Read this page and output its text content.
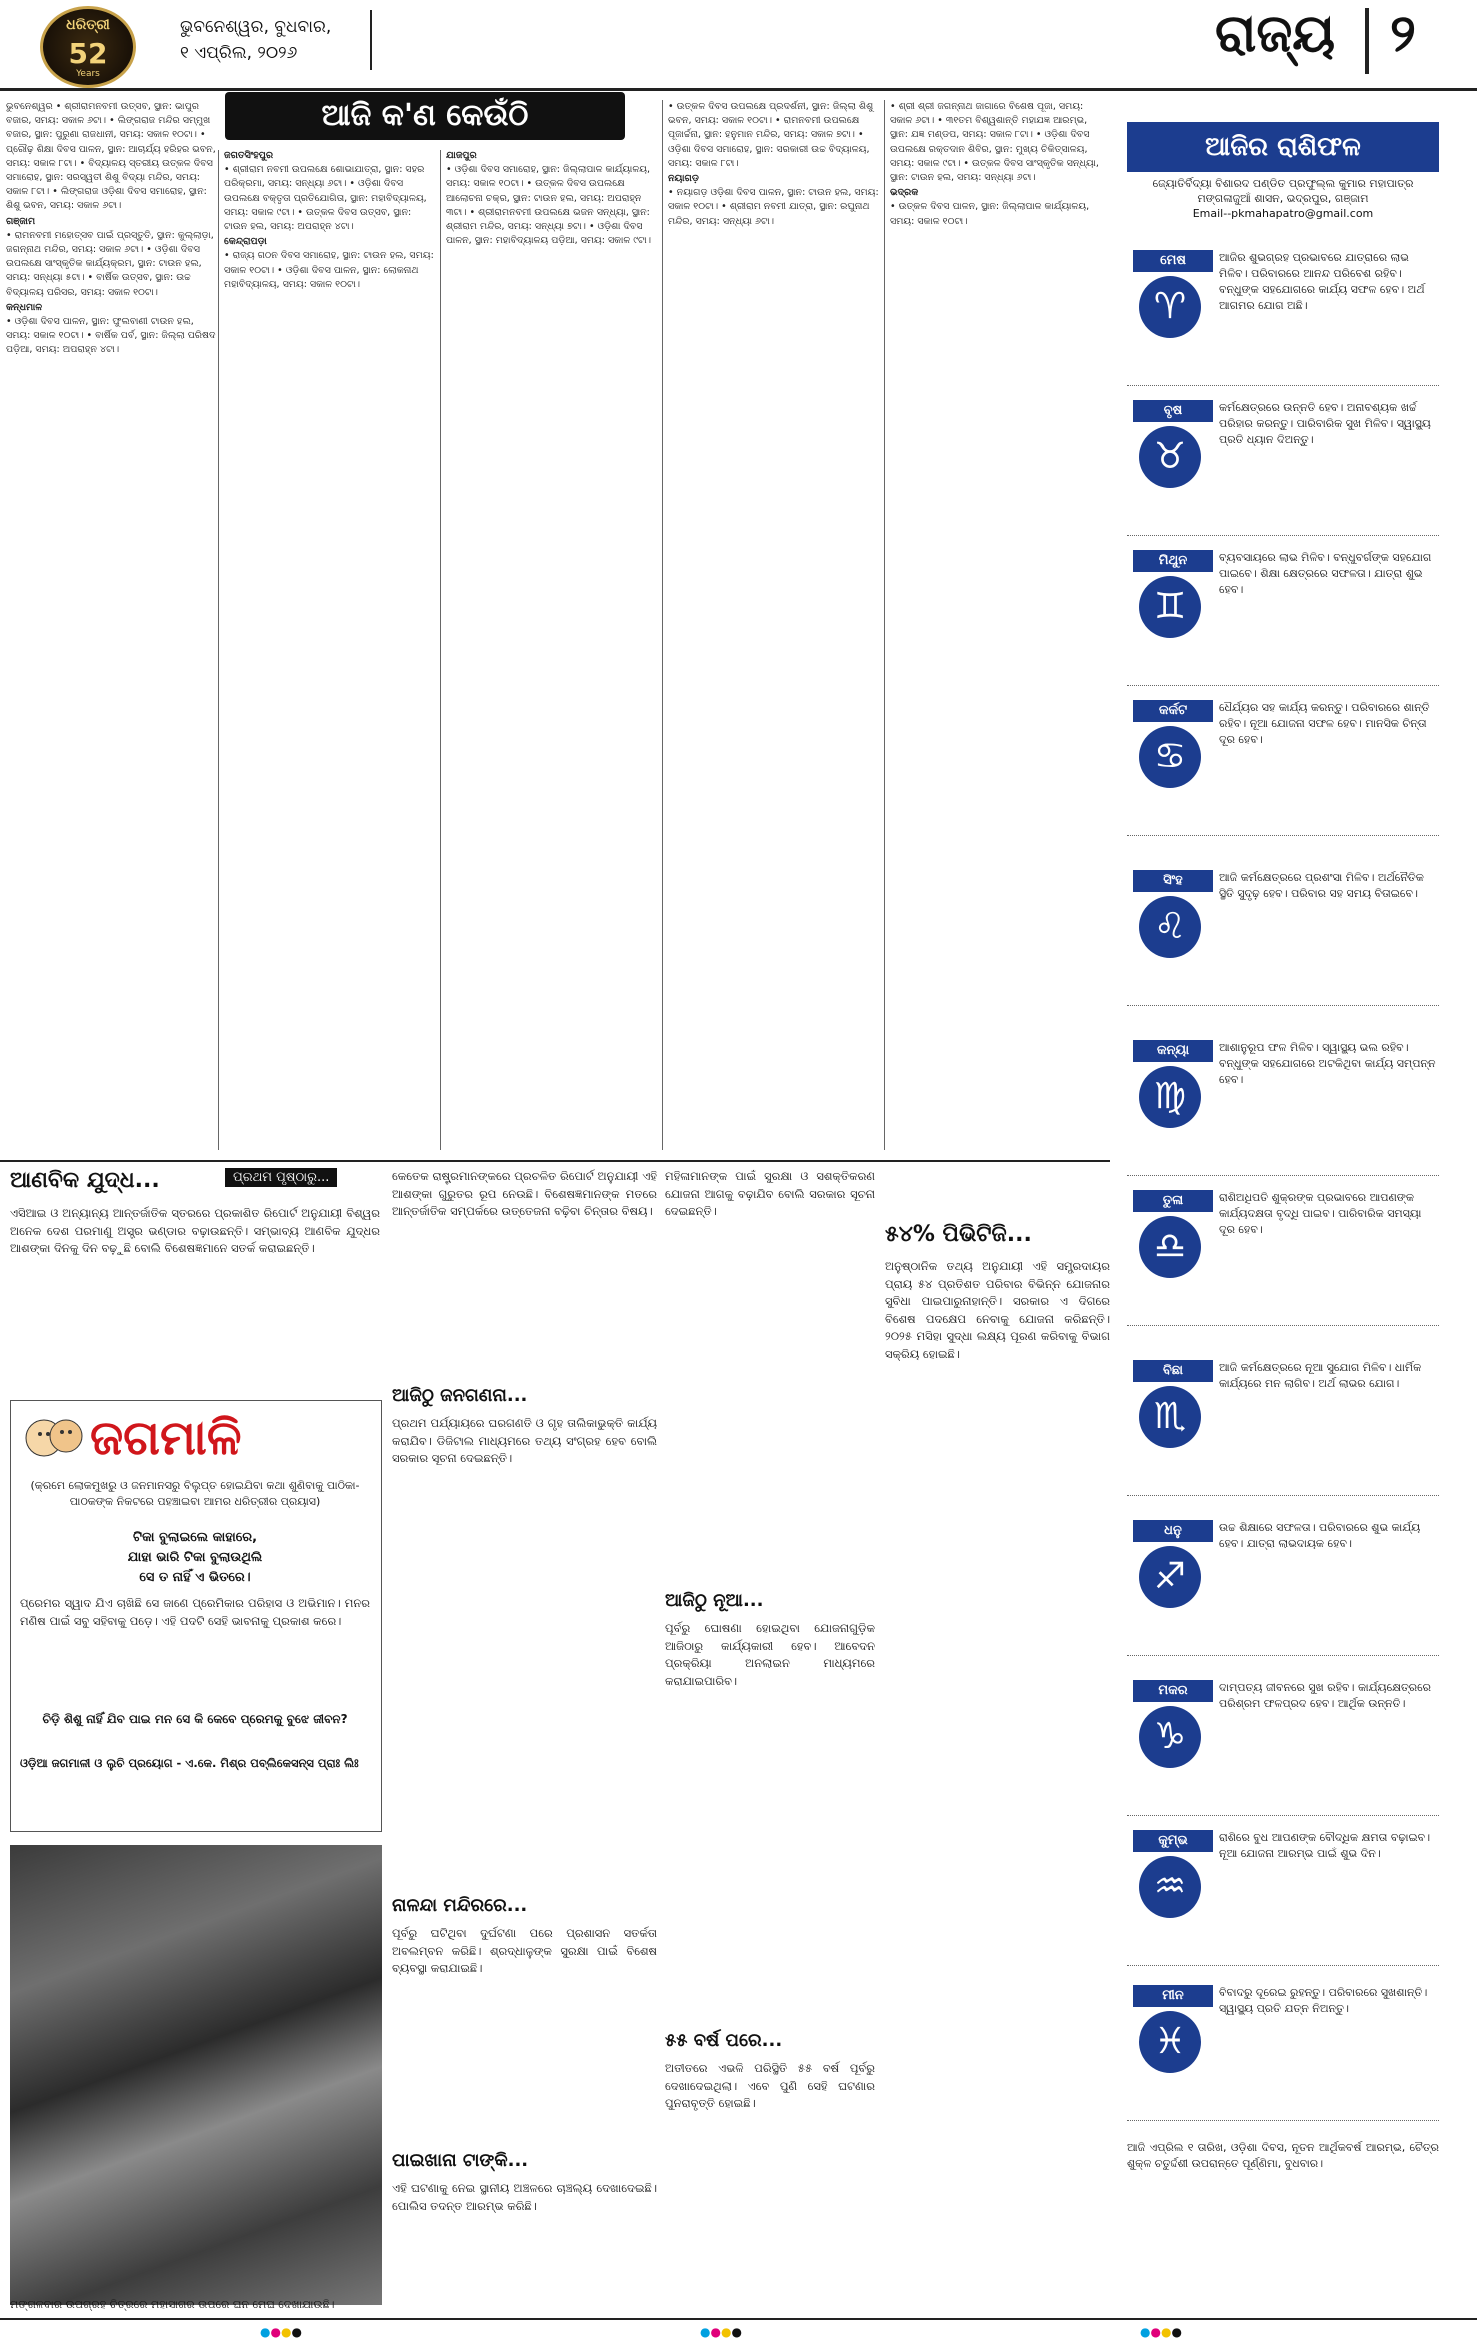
ଧରିତ୍ରୀ
52
Years
ଭୁବନେଶ୍ୱର, ବୁଧବାର,
୧ ଏପ୍ରିଲ, ୨୦୨୬	ରାଜ୍ୟ ୨
ଆଜି କ'ଣ କେଉଁଠି

ଭୁବନେଶ୍ୱର • ଶ୍ରୀରାମନବମୀ ଉତ୍ସବ, ସ୍ଥାନ: ଭାପୁର ବଜାର, ସମୟ: ସକାଳ ୬ଟା। • ଲିଙ୍ଗରାଜ ମନ୍ଦିର ସମ୍ମୁଖ ବଜାର, ସ୍ଥାନ: ପୁରୁଣା ରାଜଧାନୀ, ସମୟ: ସକାଳ ୧୦ଟା। • ପ୍ରୌଢ଼ ଶିକ୍ଷା ଦିବସ ପାଳନ, ସ୍ଥାନ: ଆଚାର୍ଯ୍ୟ ହରିହର ଭବନ, ସମୟ: ସକାଳ ୮ଟା। • ବିଦ୍ୟାଳୟ ସ୍ତରୀୟ ଉତ୍କଳ ଦିବସ ସମାରୋହ, ସ୍ଥାନ: ସରସ୍ୱତୀ ଶିଶୁ ବିଦ୍ୟା ମନ୍ଦିର, ସମୟ: ସକାଳ ୮ଟା। • ଲିଙ୍ଗରାଜ ଓଡ଼ିଶା ଦିବସ ସମାରୋହ, ସ୍ଥାନ: ଶିଶୁ ଭବନ, ସମୟ: ସକାଳ ୬ଟା।

ଗଞ୍ଜାମ

• ରାମନବମୀ ମହୋତ୍ସବ ପାଇଁ ପ୍ରସ୍ତୁତି, ସ୍ଥାନ: କୁଲ୍ଲାଡ଼ା, ଜଗନ୍ନାଥ ମନ୍ଦିର, ସମୟ: ସକାଳ ୬ଟା। • ଓଡ଼ିଶା ଦିବସ ଉପଲକ୍ଷେ ସାଂସ୍କୃତିକ କାର୍ଯ୍ୟକ୍ରମ, ସ୍ଥାନ: ଟାଉନ ହଲ, ସମୟ: ସନ୍ଧ୍ୟା ୫ଟା। • ବାର୍ଷିକ ଉତ୍ସବ, ସ୍ଥାନ: ଉଚ୍ଚ ବିଦ୍ୟାଳୟ ପରିସର, ସମୟ: ସକାଳ ୧୦ଟା।

କନ୍ଧମାଳ

• ଓଡ଼ିଶା ଦିବସ ପାଳନ, ସ୍ଥାନ: ଫୁଲବାଣୀ ଟାଉନ ହଲ, ସମୟ: ସକାଳ ୧୦ଟା। • ବାର୍ଷିକ ପର୍ବ, ସ୍ଥାନ: ଜିଲ୍ଲା ପରିଷଦ ପଡ଼ିଆ, ସମୟ: ଅପରାହ୍ନ ୪ଟା।

ଜଗତସିଂହପୁର

• ଶ୍ରୀରାମ ନବମୀ ଉପଲକ୍ଷେ ଶୋଭାଯାତ୍ରା, ସ୍ଥାନ: ସହର ପରିକ୍ରମା, ସମୟ: ସନ୍ଧ୍ୟା ୬ଟା। • ଓଡ଼ିଶା ଦିବସ ଉପଲକ୍ଷେ ବକ୍ତୃତା ପ୍ରତିଯୋଗିତା, ସ୍ଥାନ: ମହାବିଦ୍ୟାଳୟ, ସମୟ: ସକାଳ ୯ଟା। • ଉତ୍କଳ ଦିବସ ଉତ୍ସବ, ସ୍ଥାନ: ଟାଉନ ହଲ, ସମୟ: ଅପରାହ୍ନ ୪ଟା।

କେନ୍ଦ୍ରାପଡ଼ା

• ରାଜ୍ୟ ଗଠନ ଦିବସ ସମାରୋହ, ସ୍ଥାନ: ଟାଉନ ହଲ, ସମୟ: ସକାଳ ୧୦ଟା। • ଓଡ଼ିଶା ଦିବସ ପାଳନ, ସ୍ଥାନ: ଲୋକନାଥ ମହାବିଦ୍ୟାଳୟ, ସମୟ: ସକାଳ ୧୦ଟା।

ଯାଜପୁର

• ଓଡ଼ିଶା ଦିବସ ସମାରୋହ, ସ୍ଥାନ: ଜିଲ୍ଲାପାଳ କାର୍ଯ୍ୟାଳୟ, ସମୟ: ସକାଳ ୧୦ଟା। • ଉତ୍କଳ ଦିବସ ଉପଲକ୍ଷେ ଆଲୋଚନା ଚକ୍ର, ସ୍ଥାନ: ଟାଉନ ହଲ, ସମୟ: ଅପରାହ୍ନ ୩ଟା। • ଶ୍ରୀରାମନବମୀ ଉପଲକ୍ଷେ ଭଜନ ସନ୍ଧ୍ୟା, ସ୍ଥାନ: ଶ୍ରୀରାମ ମନ୍ଦିର, ସମୟ: ସନ୍ଧ୍ୟା ୭ଟା। • ଓଡ଼ିଶା ଦିବସ ପାଳନ, ସ୍ଥାନ: ମହାବିଦ୍ୟାଳୟ ପଡ଼ିଆ, ସମୟ: ସକାଳ ୯ଟା।

• ଉତ୍କଳ ଦିବସ ଉପଲକ୍ଷେ ପ୍ରଦର୍ଶନୀ, ସ୍ଥାନ: ଜିଲ୍ଲା ଶିଶୁ ଭବନ, ସମୟ: ସକାଳ ୧୦ଟା। • ରାମନବମୀ ଉପଲକ୍ଷେ ପୂଜାର୍ଚ୍ଚନା, ସ୍ଥାନ: ହନୁମାନ ମନ୍ଦିର, ସମୟ: ସକାଳ ୭ଟା। • ଓଡ଼ିଶା ଦିବସ ସମାରୋହ, ସ୍ଥାନ: ସରକାରୀ ଉଚ୍ଚ ବିଦ୍ୟାଳୟ, ସମୟ: ସକାଳ ୮ଟା।

ନୟାଗଡ଼

• ନୟାଗଡ଼ ଓଡ଼ିଶା ଦିବସ ପାଳନ, ସ୍ଥାନ: ଟାଉନ ହଲ, ସମୟ: ସକାଳ ୧୦ଟା। • ଶ୍ରୀରାମ ନବମୀ ଯାତ୍ରା, ସ୍ଥାନ: ରଘୁନାଥ ମନ୍ଦିର, ସମୟ: ସନ୍ଧ୍ୟା ୬ଟା।

• ଶ୍ରୀ ଶ୍ରୀ ଜଗନ୍ନାଥ ଜାଗାରେ ବିଶେଷ ପୂଜା, ସମୟ: ସକାଳ ୬ଟା। • ୩୧ତମ ବିଶ୍ୱଶାନ୍ତି ମହାଯଜ୍ଞ ଆରମ୍ଭ, ସ୍ଥାନ: ଯଜ୍ଞ ମଣ୍ଡପ, ସମୟ: ସକାଳ ୮ଟା। • ଓଡ଼ିଶା ଦିବସ ଉପଲକ୍ଷେ ରକ୍ତଦାନ ଶିବିର, ସ୍ଥାନ: ମୁଖ୍ୟ ଚିକିତ୍ସାଳୟ, ସମୟ: ସକାଳ ୯ଟା। • ଉତ୍କଳ ଦିବସ ସାଂସ୍କୃତିକ ସନ୍ଧ୍ୟା, ସ୍ଥାନ: ଟାଉନ ହଲ, ସମୟ: ସନ୍ଧ୍ୟା ୬ଟା।

ଭଦ୍ରକ

• ଉତ୍କଳ ଦିବସ ପାଳନ, ସ୍ଥାନ: ଜିଲ୍ଲାପାଳ କାର୍ଯ୍ୟାଳୟ, ସମୟ: ସକାଳ ୧୦ଟା।

ଆଜିର ରାଶିଫଳ
ଜ୍ୟୋତିର୍ବିଦ୍ୟା ବିଶାରଦ ପଣ୍ଡିତ ପ୍ରଫୁଲ୍ଲ କୁମାର ମହାପାତ୍ର
ମଙ୍ଗଳାଜୁଆଁ ଶାସନ, ଭଦ୍ରପୁର, ଗଞ୍ଜାମ
Email--pkmahapatro@gmail.com
ମେଷ
♈
ଆଜିର ଶୁଭଗ୍ରହ ପ୍ରଭାବରେ ଯାତ୍ରାରେ ଲାଭ ମିଳିବ। ପରିବାରରେ ଆନନ୍ଦ ପରିବେଶ ରହିବ। ବନ୍ଧୁଙ୍କ ସହଯୋଗରେ କାର୍ଯ୍ୟ ସଫଳ ହେବ। ଅର୍ଥ ଆଗମର ଯୋଗ ଅଛି।
ବୃଷ
♉
କର୍ମକ୍ଷେତ୍ରରେ ଉନ୍ନତି ହେବ। ଅନାବଶ୍ୟକ ଖର୍ଚ୍ଚ ପରିହାର କରନ୍ତୁ। ପାରିବାରିକ ସୁଖ ମିଳିବ। ସ୍ୱାସ୍ଥ୍ୟ ପ୍ରତି ଧ୍ୟାନ ଦିଅନ୍ତୁ।
ମିଥୁନ
♊
ବ୍ୟବସାୟରେ ଲାଭ ମିଳିବ। ବନ୍ଧୁବର୍ଗଙ୍କ ସହଯୋଗ ପାଇବେ। ଶିକ୍ଷା କ୍ଷେତ୍ରରେ ସଫଳତା। ଯାତ୍ରା ଶୁଭ ହେବ।
କର୍କଟ
♋
ଧୈର୍ଯ୍ୟର ସହ କାର୍ଯ୍ୟ କରନ୍ତୁ। ପରିବାରରେ ଶାନ୍ତି ରହିବ। ନୂଆ ଯୋଜନା ସଫଳ ହେବ। ମାନସିକ ଚିନ୍ତା ଦୂର ହେବ।
ସିଂହ
♌
ଆଜି କର୍ମକ୍ଷେତ୍ରରେ ପ୍ରଶଂସା ମିଳିବ। ଅର୍ଥନୈତିକ ସ୍ଥିତି ସୁଦୃଢ଼ ହେବ। ପରିବାର ସହ ସମୟ ବିତାଇବେ।
କନ୍ୟା
♍
ଆଶାନୁରୂପ ଫଳ ମିଳିବ। ସ୍ୱାସ୍ଥ୍ୟ ଭଲ ରହିବ। ବନ୍ଧୁଙ୍କ ସହଯୋଗରେ ଅଟକିଥିବା କାର୍ଯ୍ୟ ସମ୍ପନ୍ନ ହେବ।
ତୁଳା
♎
ରାଶିଅଧିପତି ଶୁକ୍ରଙ୍କ ପ୍ରଭାବରେ ଆପଣଙ୍କ କାର୍ଯ୍ୟଦକ୍ଷତା ବୃଦ୍ଧି ପାଇବ। ପାରିବାରିକ ସମସ୍ୟା ଦୂର ହେବ।
ବିଛା
♏
ଆଜି କର୍ମକ୍ଷେତ୍ରରେ ନୂଆ ସୁଯୋଗ ମିଳିବ। ଧାର୍ମିକ କାର୍ଯ୍ୟରେ ମନ ଲାଗିବ। ଅର୍ଥ ଲାଭର ଯୋଗ।
ଧନୁ
♐
ଉଚ୍ଚ ଶିକ୍ଷାରେ ସଫଳତା। ପରିବାରରେ ଶୁଭ କାର୍ଯ୍ୟ ହେବ। ଯାତ୍ରା ଲାଭଦାୟକ ହେବ।
ମକର
♑
ଦାମ୍ପତ୍ୟ ଜୀବନରେ ସୁଖ ରହିବ। କାର୍ଯ୍ୟକ୍ଷେତ୍ରରେ ପରିଶ୍ରମ ଫଳପ୍ରଦ ହେବ। ଆର୍ଥିକ ଉନ୍ନତି।
କୁମ୍ଭ
♒
ରାଶିରେ ବୁଧ ଆପଣଙ୍କ ବୌଦ୍ଧିକ କ୍ଷମତା ବଢ଼ାଇବ। ନୂଆ ଯୋଜନା ଆରମ୍ଭ ପାଇଁ ଶୁଭ ଦିନ।
ମୀନ
♓
ବିବାଦରୁ ଦୂରେଇ ରୁହନ୍ତୁ। ପରିବାରରେ ସୁଖଶାନ୍ତି। ସ୍ୱାସ୍ଥ୍ୟ ପ୍ରତି ଯତ୍ନ ନିଅନ୍ତୁ।
ଆଜି ଏପ୍ରିଲ ୧ ତାରିଖ, ଓଡ଼ିଶା ଦିବସ, ନୂତନ ଆର୍ଥିକବର୍ଷ ଆରମ୍ଭ, ଚୈତ୍ର ଶୁକ୍ଳ ଚତୁର୍ଦ୍ଦଶୀ ଉପରାନ୍ତେ ପୂର୍ଣ୍ଣିମା, ବୁଧବାର।
ଆଣବିକ ଯୁଦ୍ଧ...	ପ୍ରଥମ ପୃଷ୍ଠାରୁ...
ଏସିଆଇ ଓ ଅନ୍ୟାନ୍ୟ ଆନ୍ତର୍ଜାତିକ ସ୍ତରରେ ପ୍ରକାଶିତ ରିପୋର୍ଟ ଅନୁଯାୟୀ ବିଶ୍ୱର ଅନେକ ଦେଶ ପରମାଣୁ ଅସ୍ତ୍ର ଭଣ୍ଡାର ବଢ଼ାଉଛନ୍ତି। ସମ୍ଭାବ୍ୟ ଆଣବିକ ଯୁଦ୍ଧର ଆଶଙ୍କା ଦିନକୁ ଦିନ ବଢ଼ୁଛି ବୋଲି ବିଶେଷଜ୍ଞମାନେ ସତର୍କ କରାଇଛନ୍ତି।
ଜଗମାଳି
(କ୍ରମେ ଲୋକମୁଖରୁ ଓ ଜନମାନସରୁ ବିଲୁପ୍ତ ହୋଇଯିବା କଥା ଶୁଣିବାକୁ ପାଠିକା-ପାଠକଙ୍କ ନିକଟରେ ପହଞ୍ଚାଇବା ଆମର ଧରିତ୍ରୀର ପ୍ରୟାସ)
ଟିକା ବୁଲାଇଲେ କାହାରେ,
ଯାହା ଭାରି ଟିକା ବୁଲାଉଥିଲି
ସେ ତ ନାହିଁ ଏ ଭିତରେ।
ପ୍ରେମର ସ୍ୱାଦ ଯିଏ ଚାଖିଛି ସେ ଜାଣେ ପ୍ରେମିକାର ପରିହାସ ଓ ଅଭିମାନ। ମନର ମଣିଷ ପାଇଁ ସବୁ ସହିବାକୁ ପଡ଼େ। ଏହି ପଦଟି ସେହି ଭାବନାକୁ ପ୍ରକାଶ କରେ।
ଚିଡ଼ି ଶିଶୁ ନାହିଁ ଯିବ ପାଇ ମନ ସେ କି କେବେ ପ୍ରେମକୁ ବୁଝେ ଜୀବନ?
ଓଡ଼ିଆ ଜଗମାଳୀ ଓ ଲୁଚି ପ୍ରୟୋଗ - ଏ.କେ. ମିଶ୍ର ପବ୍ଲିକେସନ୍ସ ପ୍ରାଃ ଲିଃ
ମଙ୍ଗଳବାର ଉପଗ୍ରହ ଚିତ୍ରରେ ମହାସାଗର ଉପରେ ଘନ ମେଘ ଦେଖାଯାଉଛି।
କେତେକ ରାଷ୍ଟ୍ରମାନଙ୍କରେ ପ୍ରଚଳିତ ରିପୋର୍ଟ ଅନୁଯାୟୀ ଏହି ଆଶଙ୍କା ଗୁରୁତର ରୂପ ନେଉଛି। ବିଶେଷଜ୍ଞମାନଙ୍କ ମତରେ ଆନ୍ତର୍ଜାତିକ ସମ୍ପର୍କରେ ଉତ୍ତେଜନା ବଢ଼ିବା ଚିନ୍ତାର ବିଷୟ।
ଆଜିଠୁ ଜନଗଣନା...
ପ୍ରଥମ ପର୍ଯ୍ୟାୟରେ ଘରଗଣତି ଓ ଗୃହ ତାଲିକାଭୁକ୍ତି କାର୍ଯ୍ୟ କରାଯିବ। ଡିଜିଟାଲ ମାଧ୍ୟମରେ ତଥ୍ୟ ସଂଗ୍ରହ ହେବ ବୋଲି ସରକାର ସୂଚନା ଦେଇଛନ୍ତି।
ନାଳନ୍ଦା ମନ୍ଦିରରେ...
ପୂର୍ବରୁ ଘଟିଥିବା ଦୁର୍ଘଟଣା ପରେ ପ୍ରଶାସନ ସତର୍କତା ଅବଲମ୍ବନ କରିଛି। ଶ୍ରଦ୍ଧାଳୁଙ୍କ ସୁରକ୍ଷା ପାଇଁ ବିଶେଷ ବ୍ୟବସ୍ଥା କରାଯାଇଛି।
ପାଇଖାନା ଟାଙ୍କି...
ଏହି ଘଟଣାକୁ ନେଇ ସ୍ଥାନୀୟ ଅଞ୍ଚଳରେ ଚାଞ୍ଚଲ୍ୟ ଦେଖାଦେଇଛି। ପୋଲିସ ତଦନ୍ତ ଆରମ୍ଭ କରିଛି।
ମହିଳାମାନଙ୍କ ପାଇଁ ସୁରକ୍ଷା ଓ ସଶକ୍ତିକରଣ ଯୋଜନା ଆଗକୁ ବଢ଼ାଯିବ ବୋଲି ସରକାର ସୂଚନା ଦେଇଛନ୍ତି।
ଆଜିଠୁ ନୂଆ...
ପୂର୍ବରୁ ଘୋଷଣା ହୋଇଥିବା ଯୋଜନାଗୁଡ଼ିକ ଆଜିଠାରୁ କାର୍ଯ୍ୟକାରୀ ହେବ। ଆବେଦନ ପ୍ରକ୍ରିୟା ଅନଲାଇନ ମାଧ୍ୟମରେ କରାଯାଇପାରିବ।
୫୫ ବର୍ଷ ପରେ...
ଅତୀତରେ ଏଭଳି ପରିସ୍ଥିତି ୫୫ ବର୍ଷ ପୂର୍ବରୁ ଦେଖାଦେଇଥିଲା। ଏବେ ପୁଣି ସେହି ଘଟଣାର ପୁନରାବୃତ୍ତି ହୋଇଛି।
୫୪% ପିଭିଟିଜି...
ଅନୁଷ୍ଠାନିକ ତଥ୍ୟ ଅନୁଯାୟୀ ଏହି ସମ୍ପ୍ରଦାୟର ପ୍ରାୟ ୫୪ ପ୍ରତିଶତ ପରିବାର ବିଭିନ୍ନ ଯୋଜନାର ସୁବିଧା ପାଇପାରୁନାହାନ୍ତି। ସରକାର ଏ ଦିଗରେ ବିଶେଷ ପଦକ୍ଷେପ ନେବାକୁ ଯୋଜନା କରିଛନ୍ତି। ୨୦୨୫ ମସିହା ସୁଦ୍ଧା ଲକ୍ଷ୍ୟ ପୂରଣ କରିବାକୁ ବିଭାଗ ସକ୍ରିୟ ହୋଇଛି।
●●●●	●●●●	●●●●
